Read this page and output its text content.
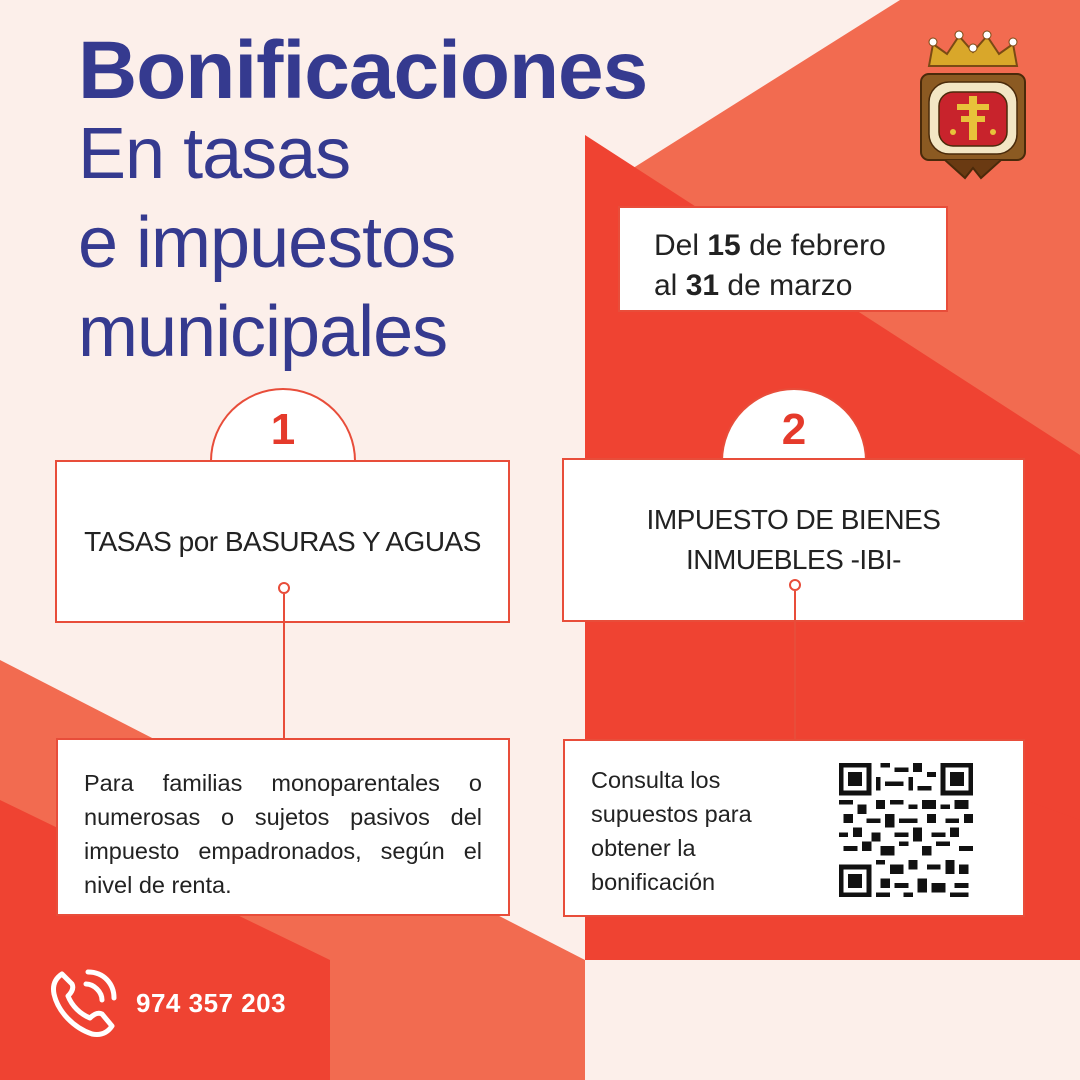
Bonificaciones
En tasas
e impuestos
municipales
Del 15 de febrero
al 31 de marzo
1
TASAS por BASURAS Y AGUAS
Para familias monoparentales o numerosas o sujetos pasivos del impuesto empadronados, según el nivel de renta.
2
IMPUESTO DE BIENES
INMUEBLES -IBI-
Consulta los
supuestos para
obtener la
bonificación
974 357 203
